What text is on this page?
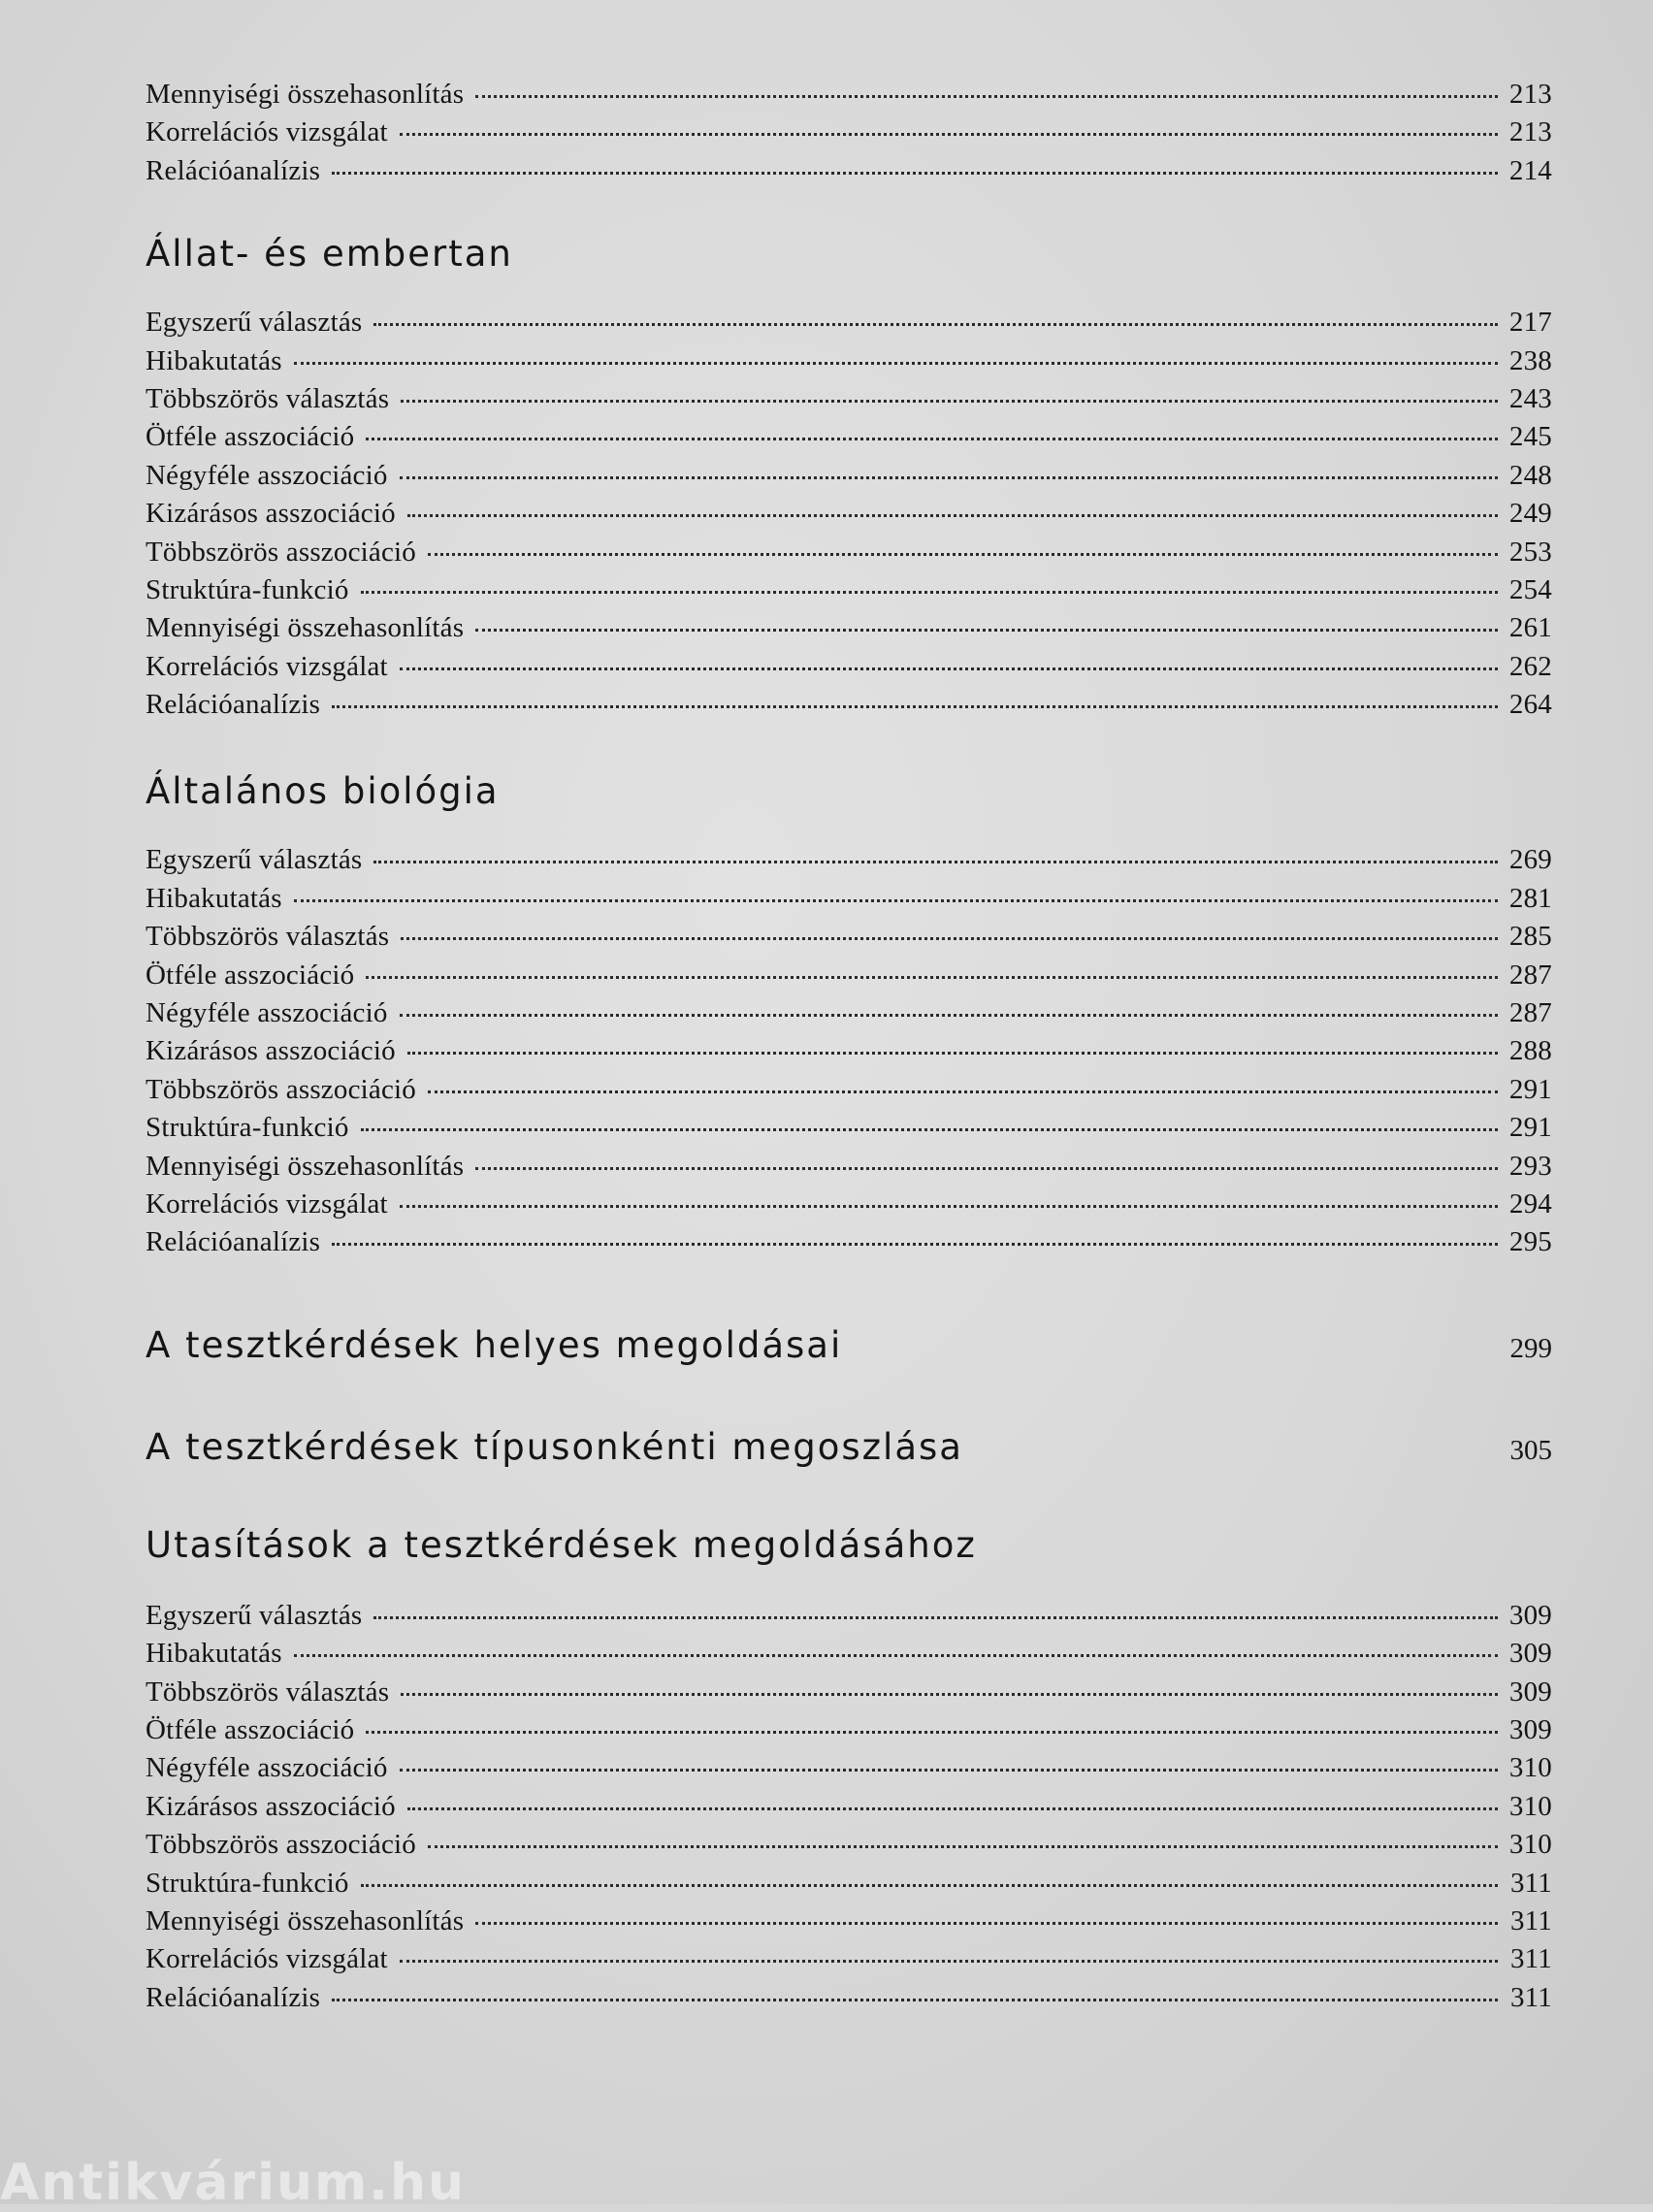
Mennyiségi összehasonlítás	213
Korrelációs vizsgálat	213
Relációanalízis	214
Állat- és embertan
Egyszerű választás	217
Hibakutatás	238
Többszörös választás	243
Ötféle asszociáció	245
Négyféle asszociáció	248
Kizárásos asszociáció	249
Többszörös asszociáció	253
Struktúra-funkció	254
Mennyiségi összehasonlítás	261
Korrelációs vizsgálat	262
Relációanalízis	264
Általános biológia
Egyszerű választás	269
Hibakutatás	281
Többszörös választás	285
Ötféle asszociáció	287
Négyféle asszociáció	287
Kizárásos asszociáció	288
Többszörös asszociáció	291
Struktúra-funkció	291
Mennyiségi összehasonlítás	293
Korrelációs vizsgálat	294
Relációanalízis	295
A tesztkérdések helyes megoldásai	299
A tesztkérdések típusonkénti megoszlása	305
Utasítások a tesztkérdések megoldásához
Egyszerű választás	309
Hibakutatás	309
Többszörös választás	309
Ötféle asszociáció	309
Négyféle asszociáció	310
Kizárásos asszociáció	310
Többszörös asszociáció	310
Struktúra-funkció	311
Mennyiségi összehasonlítás	311
Korrelációs vizsgálat	311
Relációanalízis	311
Antikvárium.hu
